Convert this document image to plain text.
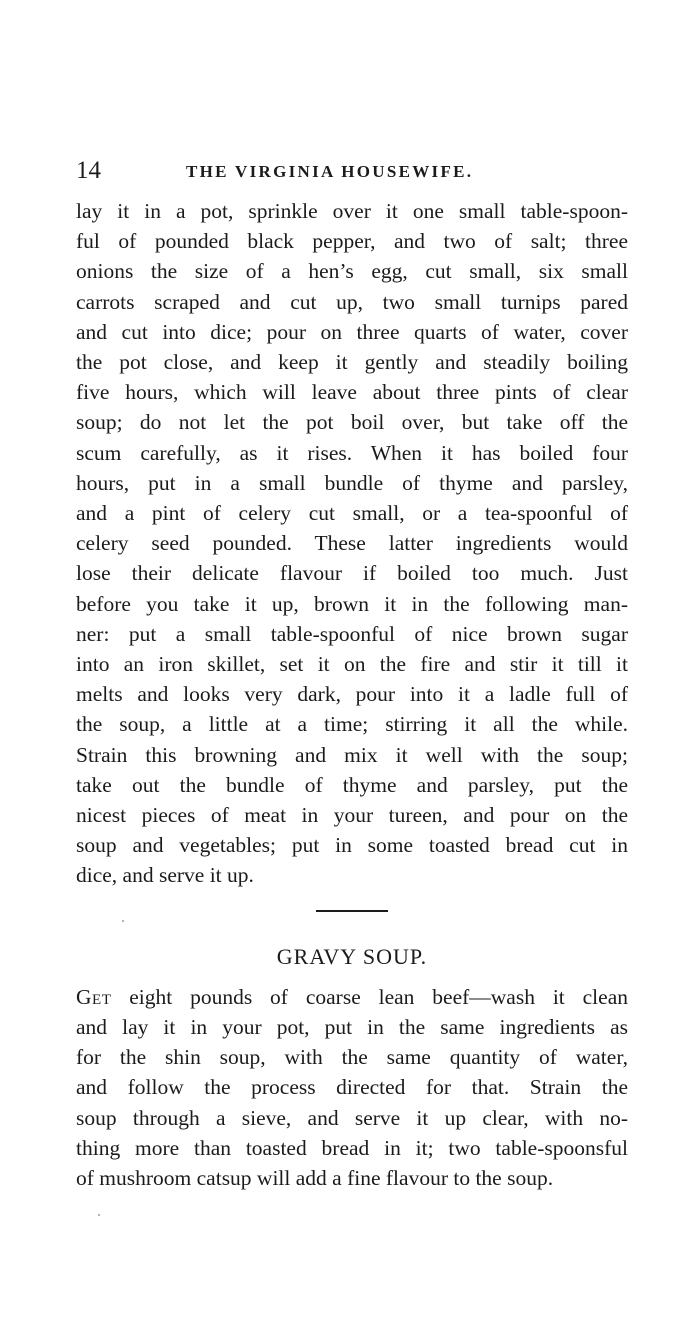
14	THE VIRGINIA HOUSEWIFE.
lay it in a pot, sprinkle over it one small table-spoon-
ful of pounded black pepper, and two of salt; three
onions the size of a hen’s egg, cut small, six small
carrots scraped and cut up, two small turnips pared
and cut into dice; pour on three quarts of water, cover
the pot close, and keep it gently and steadily boiling
five hours, which will leave about three pints of clear
soup; do not let the pot boil over, but take off the
scum carefully, as it rises. When it has boiled four
hours, put in a small bundle of thyme and parsley,
and a pint of celery cut small, or a tea-spoonful of
celery seed pounded. These latter ingredients would
lose their delicate flavour if boiled too much. Just
before you take it up, brown it in the following man-
ner: put a small table-spoonful of nice brown sugar
into an iron skillet, set it on the fire and stir it till it
melts and looks very dark, pour into it a ladle full of
the soup, a little at a time; stirring it all the while.
Strain this browning and mix it well with the soup;
take out the bundle of thyme and parsley, put the
nicest pieces of meat in your tureen, and pour on the
soup and vegetables; put in some toasted bread cut in
dice, and serve it up.
GRAVY SOUP.
Get eight pounds of coarse lean beef—wash it clean
and lay it in your pot, put in the same ingredients as
for the shin soup, with the same quantity of water,
and follow the process directed for that. Strain the
soup through a sieve, and serve it up clear, with no-
thing more than toasted bread in it; two table-spoonsful
of mushroom catsup will add a fine flavour to the soup.
